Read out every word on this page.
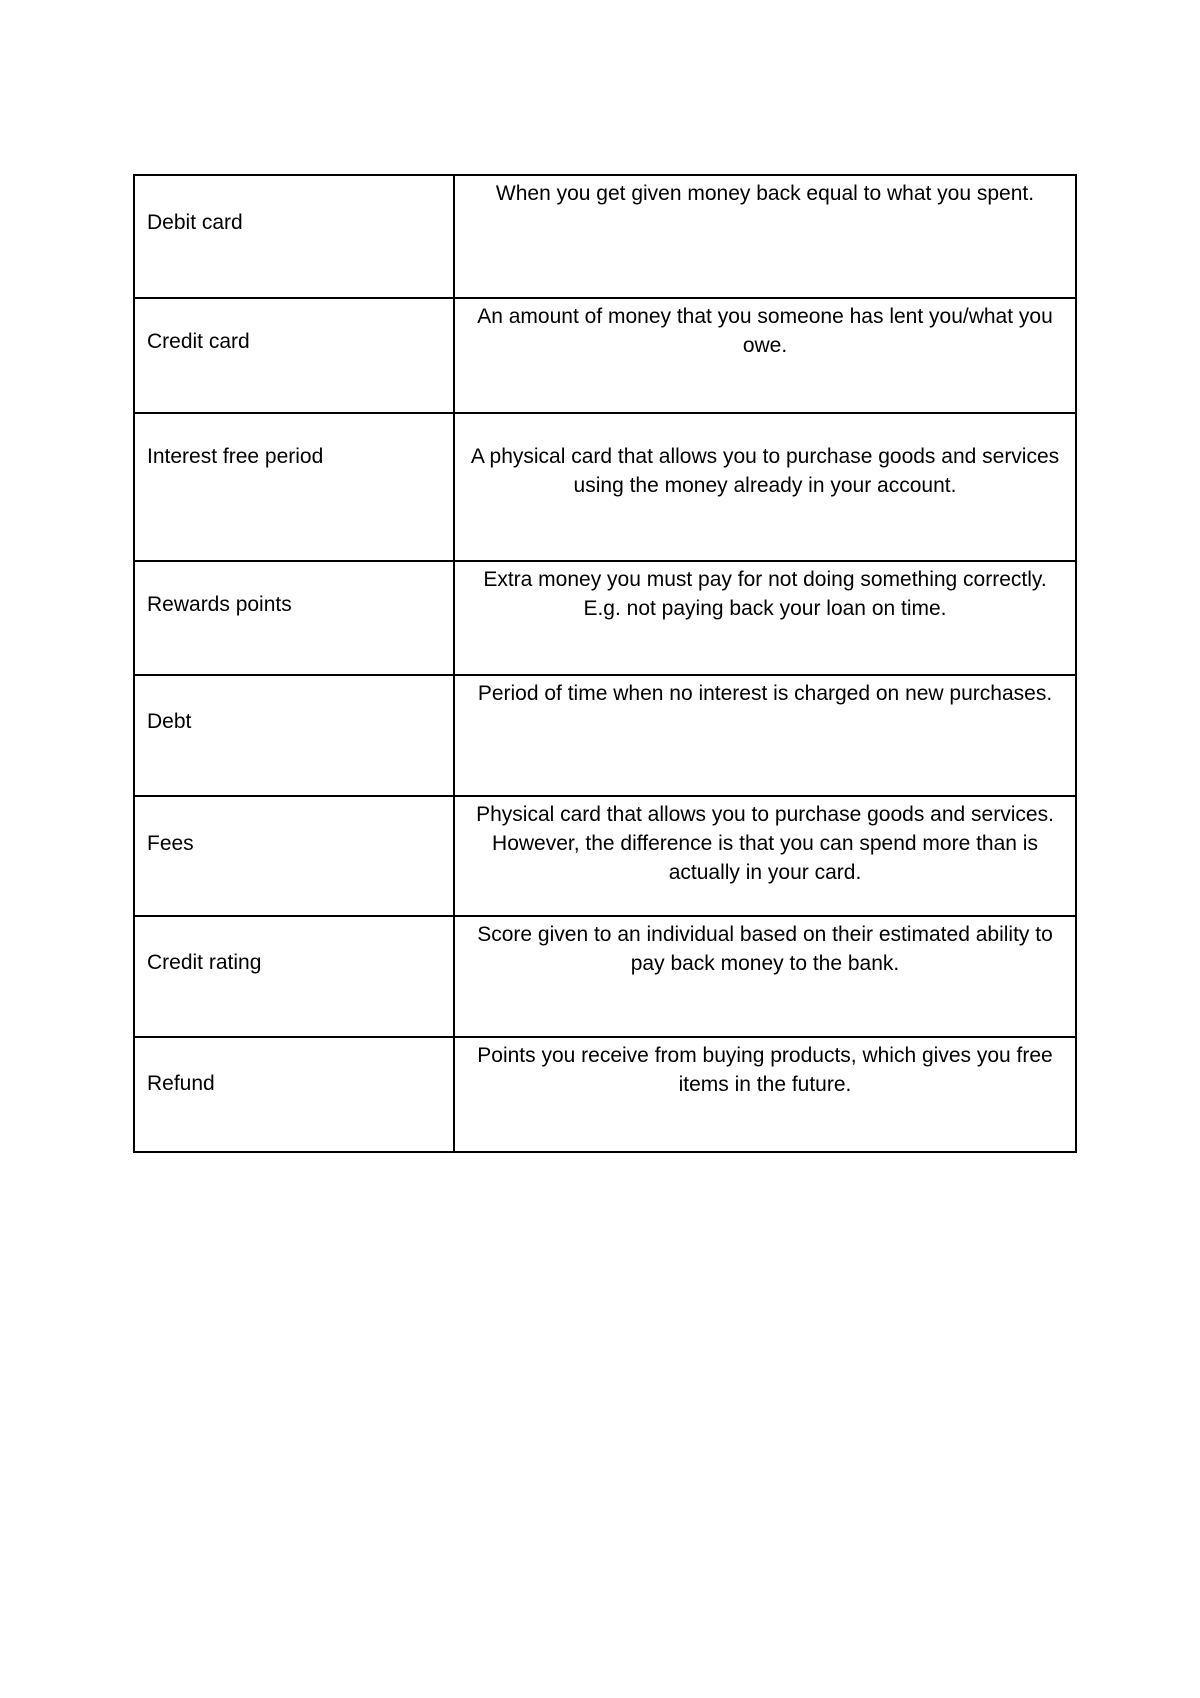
Debit card	When you get given money back equal to what you spent.
Credit card	An amount of money that you someone has lent you/what you owe.
Interest free period	A physical card that allows you to purchase goods and services using the money already in your account.
Rewards points	Extra money you must pay for not doing something correctly. E.g. not paying back your loan on time.
Debt	Period of time when no interest is charged on new purchases.
Fees	Physical card that allows you to purchase goods and services. However, the difference is that you can spend more than is actually in your card.
Credit rating	Score given to an individual based on their estimated ability to pay back money to the bank.
Refund	Points you receive from buying products, which gives you free items in the future.
